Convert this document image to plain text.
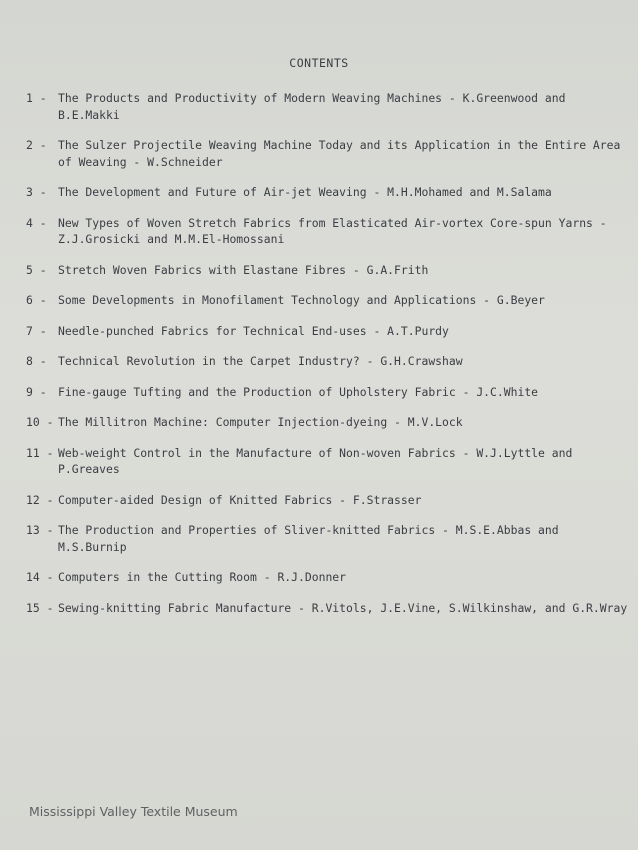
CONTENTS
1 -	The Products and Productivity of Modern Weaving Machines - K.Greenwood and B.E.Makki
2 -	The Sulzer Projectile Weaving Machine Today and its Application in the Entire Area of Weaving - W.Schneider
3 -	The Development and Future of Air-jet Weaving - M.H.Mohamed and M.Salama
4 -	New Types of Woven Stretch Fabrics from Elasticated Air-vortex Core-spun Yarns - Z.J.Grosicki and M.M.El-Homossani
5 -	Stretch Woven Fabrics with Elastane Fibres - G.A.Frith
6 -	Some Developments in Monofilament Technology and Applications - G.Beyer
7 -	Needle-punched Fabrics for Technical End-uses - A.T.Purdy
8 -	Technical Revolution in the Carpet Industry? - G.H.Crawshaw
9 -	Fine-gauge Tufting and the Production of Upholstery Fabric - J.C.White
10 - The Millitron Machine: Computer Injection-dyeing - M.V.Lock
11 - Web-weight Control in the Manufacture of Non-woven Fabrics - W.J.Lyttle and P.Greaves
12 - Computer-aided Design of Knitted Fabrics - F.Strasser
13 - The Production and Properties of Sliver-knitted Fabrics - M.S.E.Abbas and M.S.Burnip
14 - Computers in the Cutting Room - R.J.Donner
15 - Sewing-knitting Fabric Manufacture - R.Vitols, J.E.Vine, S.Wilkinshaw, and G.R.Wray
Mississippi Valley Textile Museum
